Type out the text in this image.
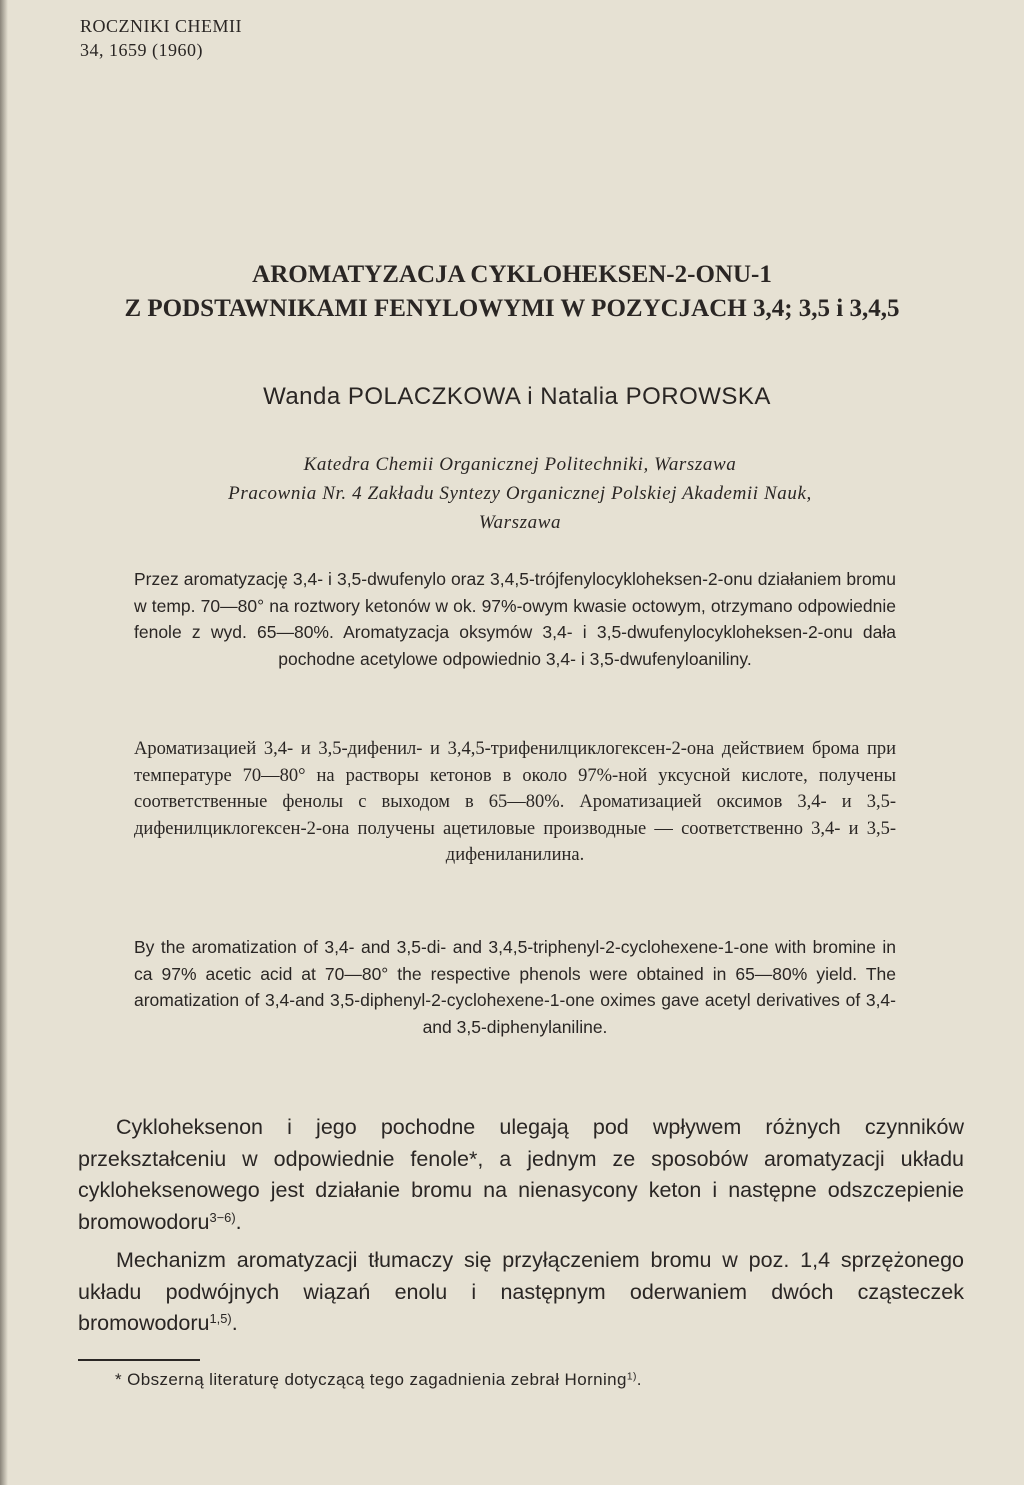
ROCZNIKI CHEMII
34, 1659 (1960)
AROMATYZACJA CYKLOHEKSEN-2-ONU-1
Z PODSTAWNIKAMI FENYLOWYMI W POZYCJACH 3,4; 3,5 i 3,4,5
Wanda POLACZKOWA i Natalia POROWSKA
Katedra Chemii Organicznej Politechniki, Warszawa
Pracownia Nr. 4 Zakładu Syntezy Organicznej Polskiej Akademii Nauk,
Warszawa
Przez aromatyzację 3,4- i 3,5-dwufenylo oraz 3,4,5-trójfenylocykloheksen-2-onu działaniem bromu w temp. 70—80° na roztwory ketonów w ok. 97%-owym kwasie octowym, otrzymano odpowiednie fenole z wyd. 65—80%. Aromatyzacja oksymów 3,4- i 3,5-dwufenylocykloheksen-2-onu dała pochodne acetylowe odpowiednio 3,4- i 3,5-dwufenyloaniliny.
Ароматизацией 3,4- и 3,5-дифенил- и 3,4,5-трифенилциклогексен-2-она действием брома при температуре 70—80° на растворы кетонов в около 97%-ной уксусной кислоте, получены соответственные фенолы с выходом в 65—80%. Ароматизацией оксимов 3,4- и 3,5-дифенилциклогексен-2-она получены ацетиловые производные — соответственно 3,4- и 3,5-дифениланилина.
By the aromatization of 3,4- and 3,5-di- and 3,4,5-triphenyl-2-cyclohexene-1-one with bromine in ca 97% acetic acid at 70—80° the respective phenols were obtained in 65—80% yield. The aromatization of 3,4-and 3,5-diphenyl-2-cyclohexene-1-one oximes gave acetyl derivatives of 3,4- and 3,5-diphenylaniline.
Cykloheksenon i jego pochodne ulegają pod wpływem różnych czynników przekształceniu w odpowiednie fenole*, a jednym ze sposobów aromatyzacji układu cykloheksenowego jest działanie bromu na nienasycony keton i następne odszczepienie bromowodoru$^{3-6)}$.
Mechanizm aromatyzacji tłumaczy się przyłączeniem bromu w poz. 1,4 sprzężonego układu podwójnych wiązań enolu i następnym oderwaniem dwóch cząsteczek bromowodoru$^{1,5)}$.
* Obszerną literaturę dotyczącą tego zagadnienia zebrał Horning$^{1)}$.
